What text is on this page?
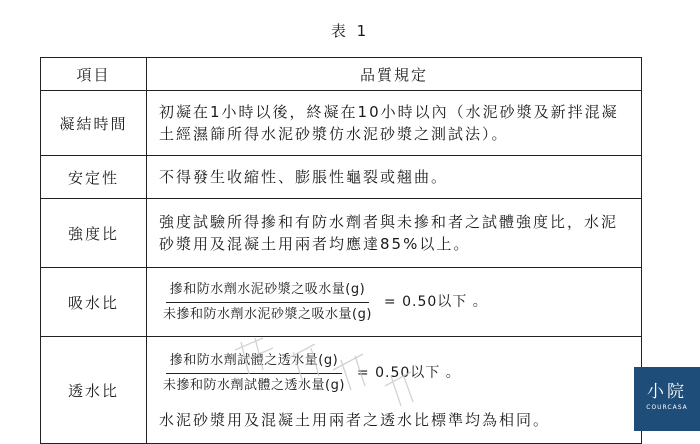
表 1
項目	品質規定
凝結時間	初凝在1小時以後，終凝在10小時以內（水泥砂漿及新拌混凝土經濕篩所得水泥砂漿仿水泥砂漿之測試法）。
安定性	不得發生收縮性、膨脹性龜裂或翹曲。
強度比	強度試驗所得摻和有防水劑者與未摻和者之試體強度比，水泥砂漿用及混凝土用兩者均應達85%以上。
吸水比	$\frac{\text{摻和防水劑水泥砂漿之吸水量(g)}}{\text{未摻和防水劑水泥砂漿之吸水量(g)}} = 0.50$以下 。

透水比	$\frac{\text{摻和防水劑試體之透水量(g)}}{\text{未摻和防水劑試體之透水量(g)}} = 0.50$以下 。
水泥砂漿用及混凝土用兩者之透水比標準均為相同。
小院
COURCASA
